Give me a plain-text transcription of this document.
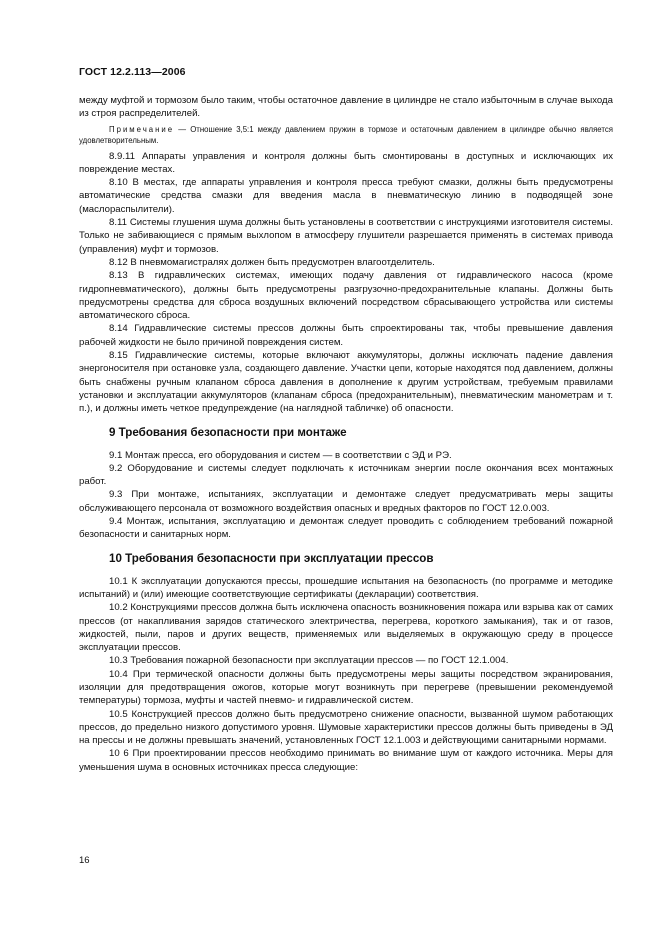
ГОСТ 12.2.113—2006

между муфтой и тормозом было таким, чтобы остаточное давление в цилиндре не стало избыточным в случае выхода из строя распределителей.

Примечание — Отношение 3,5:1 между давлением пружин в тормозе и остаточным давлением в цилиндре обычно является удовлетворительным.

8.9.11 Аппараты управления и контроля должны быть смонтированы в доступных и исключающих их повреждение местах.

8.10 В местах, где аппараты управления и контроля пресса требуют смазки, должны быть предусмотрены автоматические средства смазки для введения масла в пневматическую линию в подводящей зоне (маслораспылители).

8.11 Системы глушения шума должны быть установлены в соответствии с инструкциями изготовителя системы. Только не забивающиеся с прямым выхлопом в атмосферу глушители разрешается применять в системах привода (управления) муфт и тормозов.

8.12 В пневмомагистралях должен быть предусмотрен влагоотделитель.

8.13 В гидравлических системах, имеющих подачу давления от гидравлического насоса (кроме гидропневматического), должны быть предусмотрены разгрузочно-предохранительные клапаны. Должны быть предусмотрены средства для сброса воздушных включений посредством сбрасывающего устройства или системы автоматического сброса.

8.14 Гидравлические системы прессов должны быть спроектированы так, чтобы превышение давления рабочей жидкости не было причиной повреждения систем.

8.15 Гидравлические системы, которые включают аккумуляторы, должны исключать падение давления энергоносителя при остановке узла, создающего давление. Участки цепи, которые находятся под давлением, должны быть снабжены ручным клапаном сброса давления в дополнение к другим устройствам, требуемым правилами установки и эксплуатации аккумуляторов (клапанам сброса (предохранительным), пневматическим манометрам и т. п.), и должны иметь четкое предупреждение (на наглядной табличке) об опасности.

9 Требования безопасности при монтаже

9.1 Монтаж пресса, его оборудования и систем — в соответствии с ЭД и РЭ.

9.2 Оборудование и системы следует подключать к источникам энергии после окончания всех монтажных работ.

9.3 При монтаже, испытаниях, эксплуатации и демонтаже следует предусматривать меры защиты обслуживающего персонала от возможного воздействия опасных и вредных факторов по ГОСТ 12.0.003.

9.4 Монтаж, испытания, эксплуатацию и демонтаж следует проводить с соблюдением требований пожарной безопасности и санитарных норм.

10 Требования безопасности при эксплуатации прессов

10.1 К эксплуатации допускаются прессы, прошедшие испытания на безопасность (по программе и методике испытаний) и (или) имеющие соответствующие сертификаты (декларации) соответствия.

10.2 Конструкциями прессов должна быть исключена опасность возникновения пожара или взрыва как от самих прессов (от накапливания зарядов статического электричества, перегрева, короткого замыкания), так и от газов, жидкостей, пыли, паров и других веществ, применяемых или выделяемых в окружающую среду в процессе эксплуатации прессов.

10.3 Требования пожарной безопасности при эксплуатации прессов — по ГОСТ 12.1.004.

10.4 При термической опасности должны быть предусмотрены меры защиты посредством экранирования, изоляции для предотвращения ожогов, которые могут возникнуть при перегреве (превышении рекомендуемой температуры) тормоза, муфты и частей пневмо- и гидравлической систем.

10.5 Конструкцией прессов должно быть предусмотрено снижение опасности, вызванной шумом работающих прессов, до предельно низкого допустимого уровня. Шумовые характеристики прессов должны быть приведены в ЭД на прессы и не должны превышать значений, установленных ГОСТ 12.1.003 и действующими санитарными нормами.

10 6 При проектировании прессов необходимо принимать во внимание шум от каждого источника. Меры для уменьшения шума в основных источниках пресса следующие:

16
